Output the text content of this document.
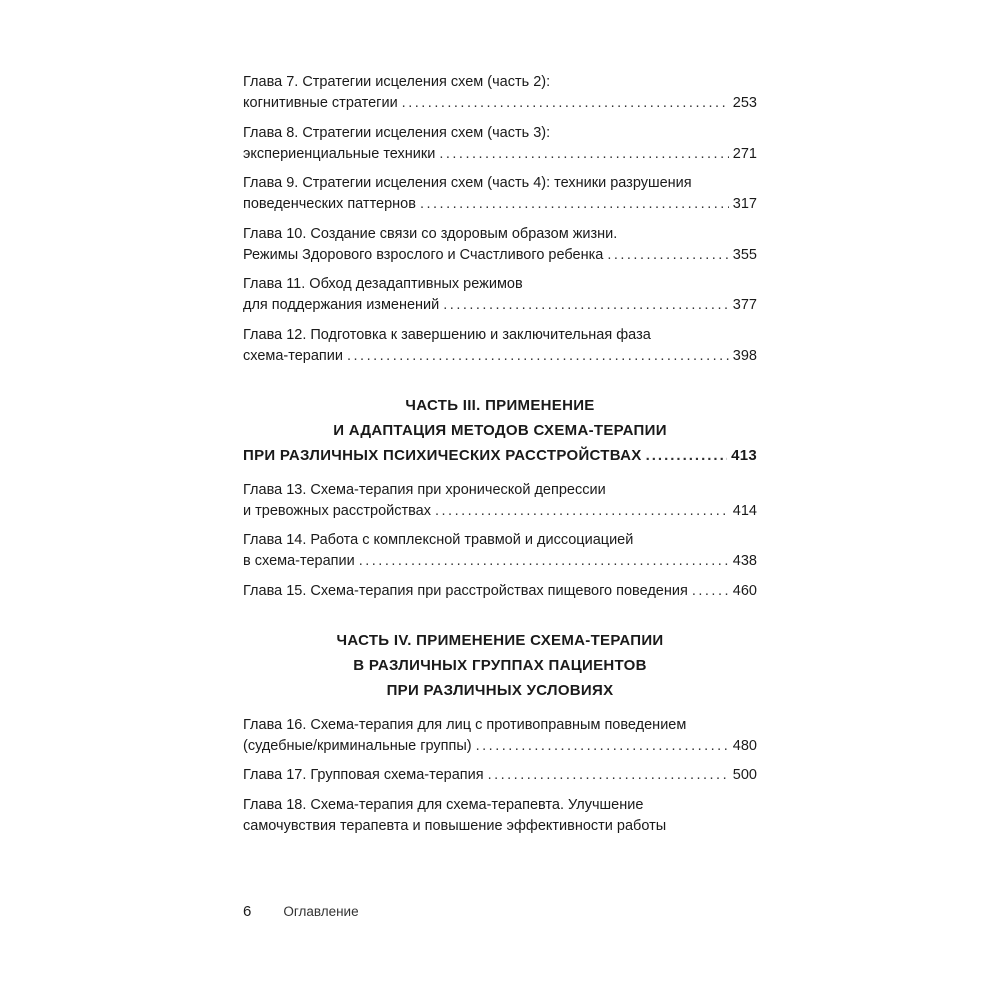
Глава 7. Стратегии исцеления схем (часть 2):
когнитивные стратегии .....	253
Глава 8. Стратегии исцеления схем (часть 3):
экспериенциальные техники .....	271
Глава 9. Стратегии исцеления схем (часть 4): техники разрушения
поведенческих паттернов .....	317
Глава 10. Создание связи со здоровым образом жизни.
Режимы Здорового взрослого и Счастливого ребенка .....	355
Глава 11. Обход дезадаптивных режимов
для поддержания изменений .....	377
Глава 12. Подготовка к завершению и заключительная фаза
схема-терапии .....	398
ЧАСТЬ III. ПРИМЕНЕНИЕ
И АДАПТАЦИЯ МЕТОДОВ СХЕМА-ТЕРАПИИ
ПРИ РАЗЛИЧНЫХ ПСИХИЧЕСКИХ РАССТРОЙСТВАХ .....	413
Глава 13. Схема-терапия при хронической депрессии
и тревожных расстройствах .....	414
Глава 14. Работа с комплексной травмой и диссоциацией
в схема-терапии .....	438
Глава 15. Схема-терапия при расстройствах пищевого поведения .....	460
ЧАСТЬ IV. ПРИМЕНЕНИЕ СХЕМА-ТЕРАПИИ
В РАЗЛИЧНЫХ ГРУППАХ ПАЦИЕНТОВ
ПРИ РАЗЛИЧНЫХ УСЛОВИЯХ
Глава 16. Схема-терапия для лиц с противоправным поведением
(судебные/криминальные группы) .....	480
Глава 17. Групповая схема-терапия .....	500
Глава 18. Схема-терапия для схема-терапевта. Улучшение
самочувствия терапевта и повышение эффективности работы
6 Оглавление
